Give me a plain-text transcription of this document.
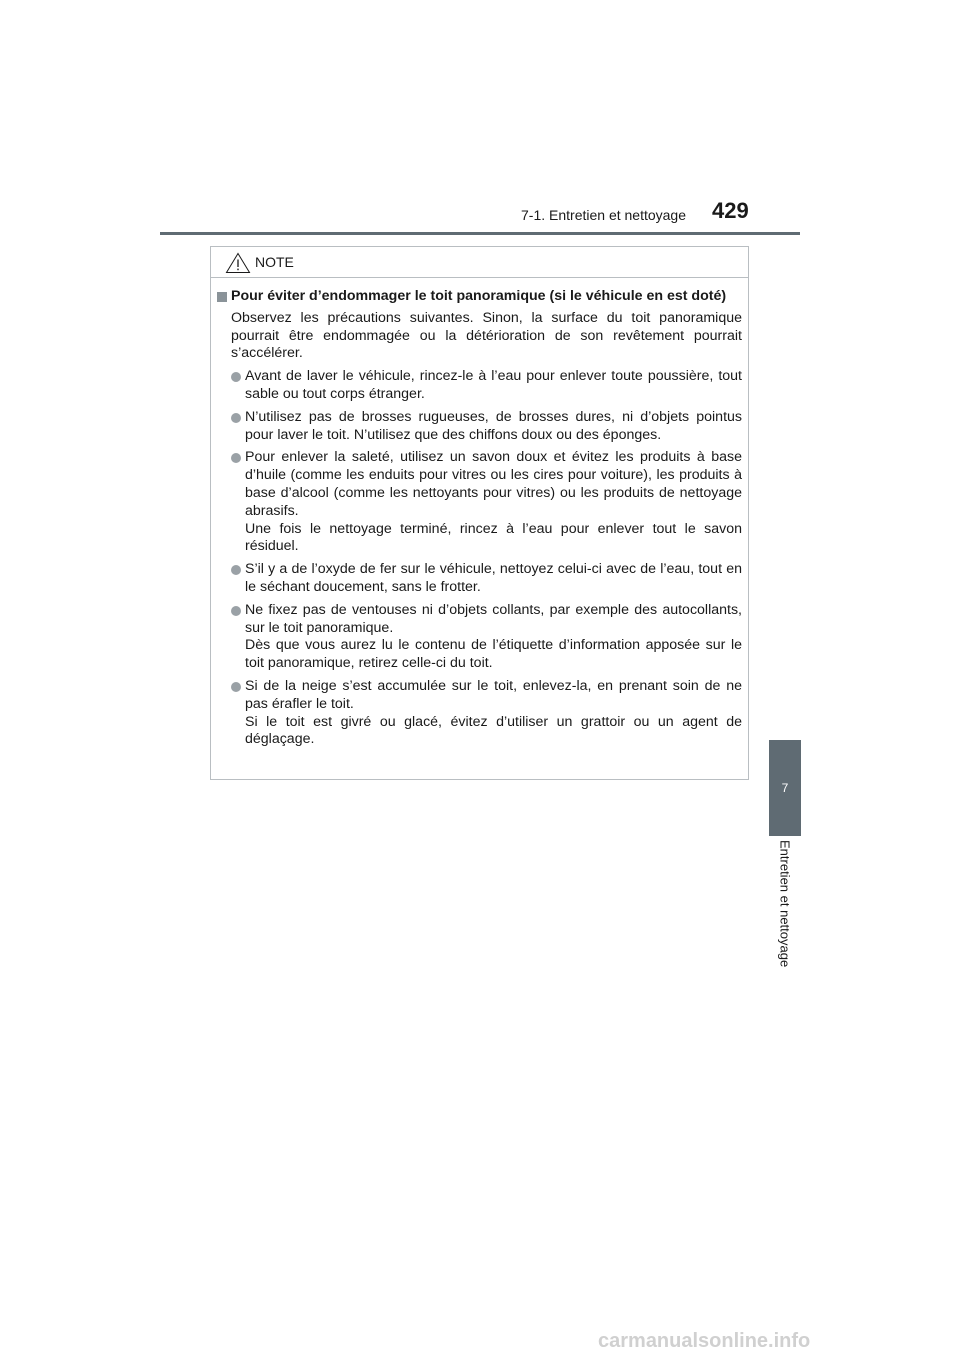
7-1. Entretien et nettoyage 429
7
Entretien et nettoyage
NOTE
Pour éviter d’endommager le toit panoramique (si le véhicule en est doté)
Observez les précautions suivantes. Sinon, la surface du toit panoramique pourrait être endommagée ou la détérioration de son revêtement pourrait s’accélérer.
Avant de laver le véhicule, rincez-le à l’eau pour enlever toute poussière, tout sable ou tout corps étranger.
N’utilisez pas de brosses rugueuses, de brosses dures, ni d’objets pointus pour laver le toit. N’utilisez que des chiffons doux ou des éponges.
Pour enlever la saleté, utilisez un savon doux et évitez les produits à base d’huile (comme les enduits pour vitres ou les cires pour voiture), les produits à base d’alcool (comme les nettoyants pour vitres) ou les produits de nettoyage abrasifs.
Une fois le nettoyage terminé, rincez à l’eau pour enlever tout le savon résiduel.
S’il y a de l’oxyde de fer sur le véhicule, nettoyez celui-ci avec de l’eau, tout en le séchant doucement, sans le frotter.
Ne fixez pas de ventouses ni d’objets collants, par exemple des autocollants, sur le toit panoramique.
Dès que vous aurez lu le contenu de l’étiquette d’information apposée sur le toit panoramique, retirez celle-ci du toit.
Si de la neige s’est accumulée sur le toit, enlevez-la, en prenant soin de ne pas érafler le toit.
Si le toit est givré ou glacé, évitez d’utiliser un grattoir ou un agent de déglaçage.
carmanualsonline.info
